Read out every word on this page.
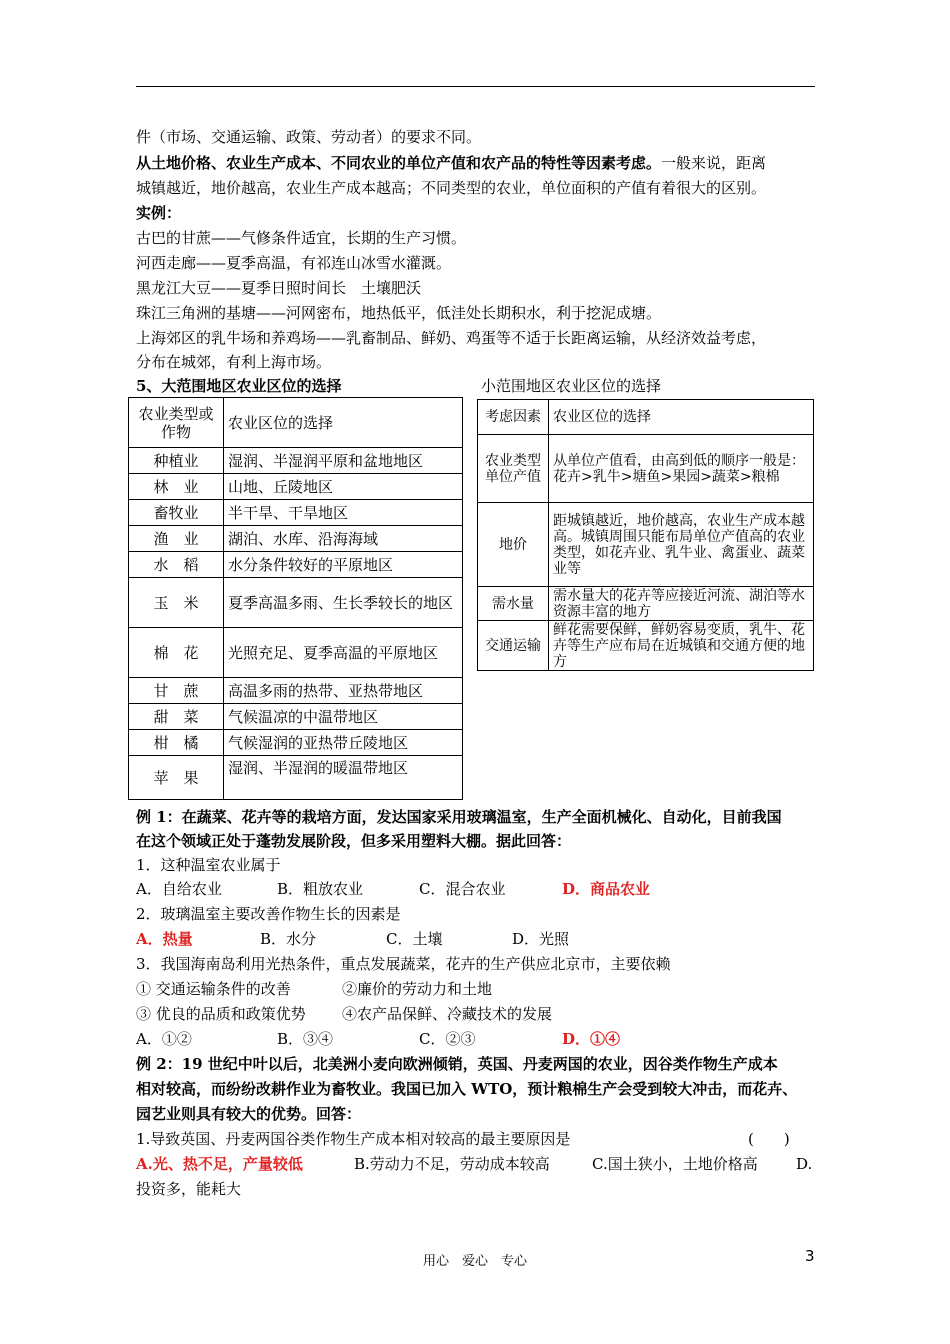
件（市场、交通运输、政策、劳动者）的要求不同。
从土地价格、农业生产成本、不同农业的单位产值和农产品的特性等因素考虑。一般来说，距离
城镇越近，地价越高，农业生产成本越高；不同类型的农业，单位面积的产值有着很大的区别。
实例：
古巴的甘蔗——气修条件适宜，长期的生产习惯。
河西走廊——夏季高温，有祁连山冰雪水灌溉。
黑龙江大豆——夏季日照时间长　土壤肥沃
珠江三角洲的基塘——河网密布，地热低平，低洼处长期积水，利于挖泥成塘。
上海郊区的乳牛场和养鸡场——乳畜制品、鲜奶、鸡蛋等不适于长距离运输，从经济效益考虑，
分布在城郊，有利上海市场。
5、大范围地区农业区位的选择	小范围地区农业区位的选择
农业类型或作物	农业区位的选择
种植业	湿润、半湿润平原和盆地地区
林　业	山地、丘陵地区
畜牧业	半干旱、干旱地区
渔　业	湖泊、水库、沿海海域
水　稻	水分条件较好的平原地区
玉　米	夏季高温多雨、生长季较长的地区
棉　花	光照充足、夏季高温的平原地区
甘　蔗	高温多雨的热带、亚热带地区
甜　菜	气候温凉的中温带地区
柑　橘	气候湿润的亚热带丘陵地区
苹　果	湿润、半湿润的暖温带地区
考虑因素	农业区位的选择
农业类型单位产值	从单位产值看，由高到低的顺序一般是：花卉>乳牛>塘鱼>果园>蔬菜>粮棉
地价	距城镇越近，地价越高，农业生产成本越高。城镇周围只能布局单位产值高的农业类型，如花卉业、乳牛业、禽蛋业、蔬菜业等
需水量	需水量大的花卉等应接近河流、湖泊等水资源丰富的地方
交通运输	鲜花需要保鲜，鲜奶容易变质，乳牛、花卉等生产应布局在近城镇和交通方便的地方
例 1：在蔬菜、花卉等的栽培方面，发达国家采用玻璃温室，生产全面机械化、自动化，目前我国
在这个领域正处于蓬勃发展阶段，但多采用塑料大棚。据此回答：
1．这种温室农业属于
A．自给农业	B．粗放农业	C．混合农业	D．商品农业
2．玻璃温室主要改善作物生长的因素是
A．热量	B．水分	C．土壤	D．光照
3．我国海南岛利用光热条件，重点发展蔬菜，花卉的生产供应北京市，主要依赖
① 交通运输条件的改善	②廉价的劳动力和土地
③ 优良的品质和政策优势 ④农产品保鲜、冷藏技术的发展
A．①②	B．③④	C．②③	D．①④
例 2：19 世纪中叶以后，北美洲小麦向欧洲倾销，英国、丹麦两国的农业，因谷类作物生产成本
相对较高，而纷纷改耕作业为畜牧业。我国已加入 WTO，预计粮棉生产会受到较大冲击，而花卉、
园艺业则具有较大的优势。回答：
1.导致英国、丹麦两国谷类作物生产成本相对较高的最主要原因是	(　　)
A.光、热不足，产量较低	B.劳动力不足，劳动成本较高	C.国土狭小，土地价格高	D.
投资多，能耗大
用心　爱心　专心	3
